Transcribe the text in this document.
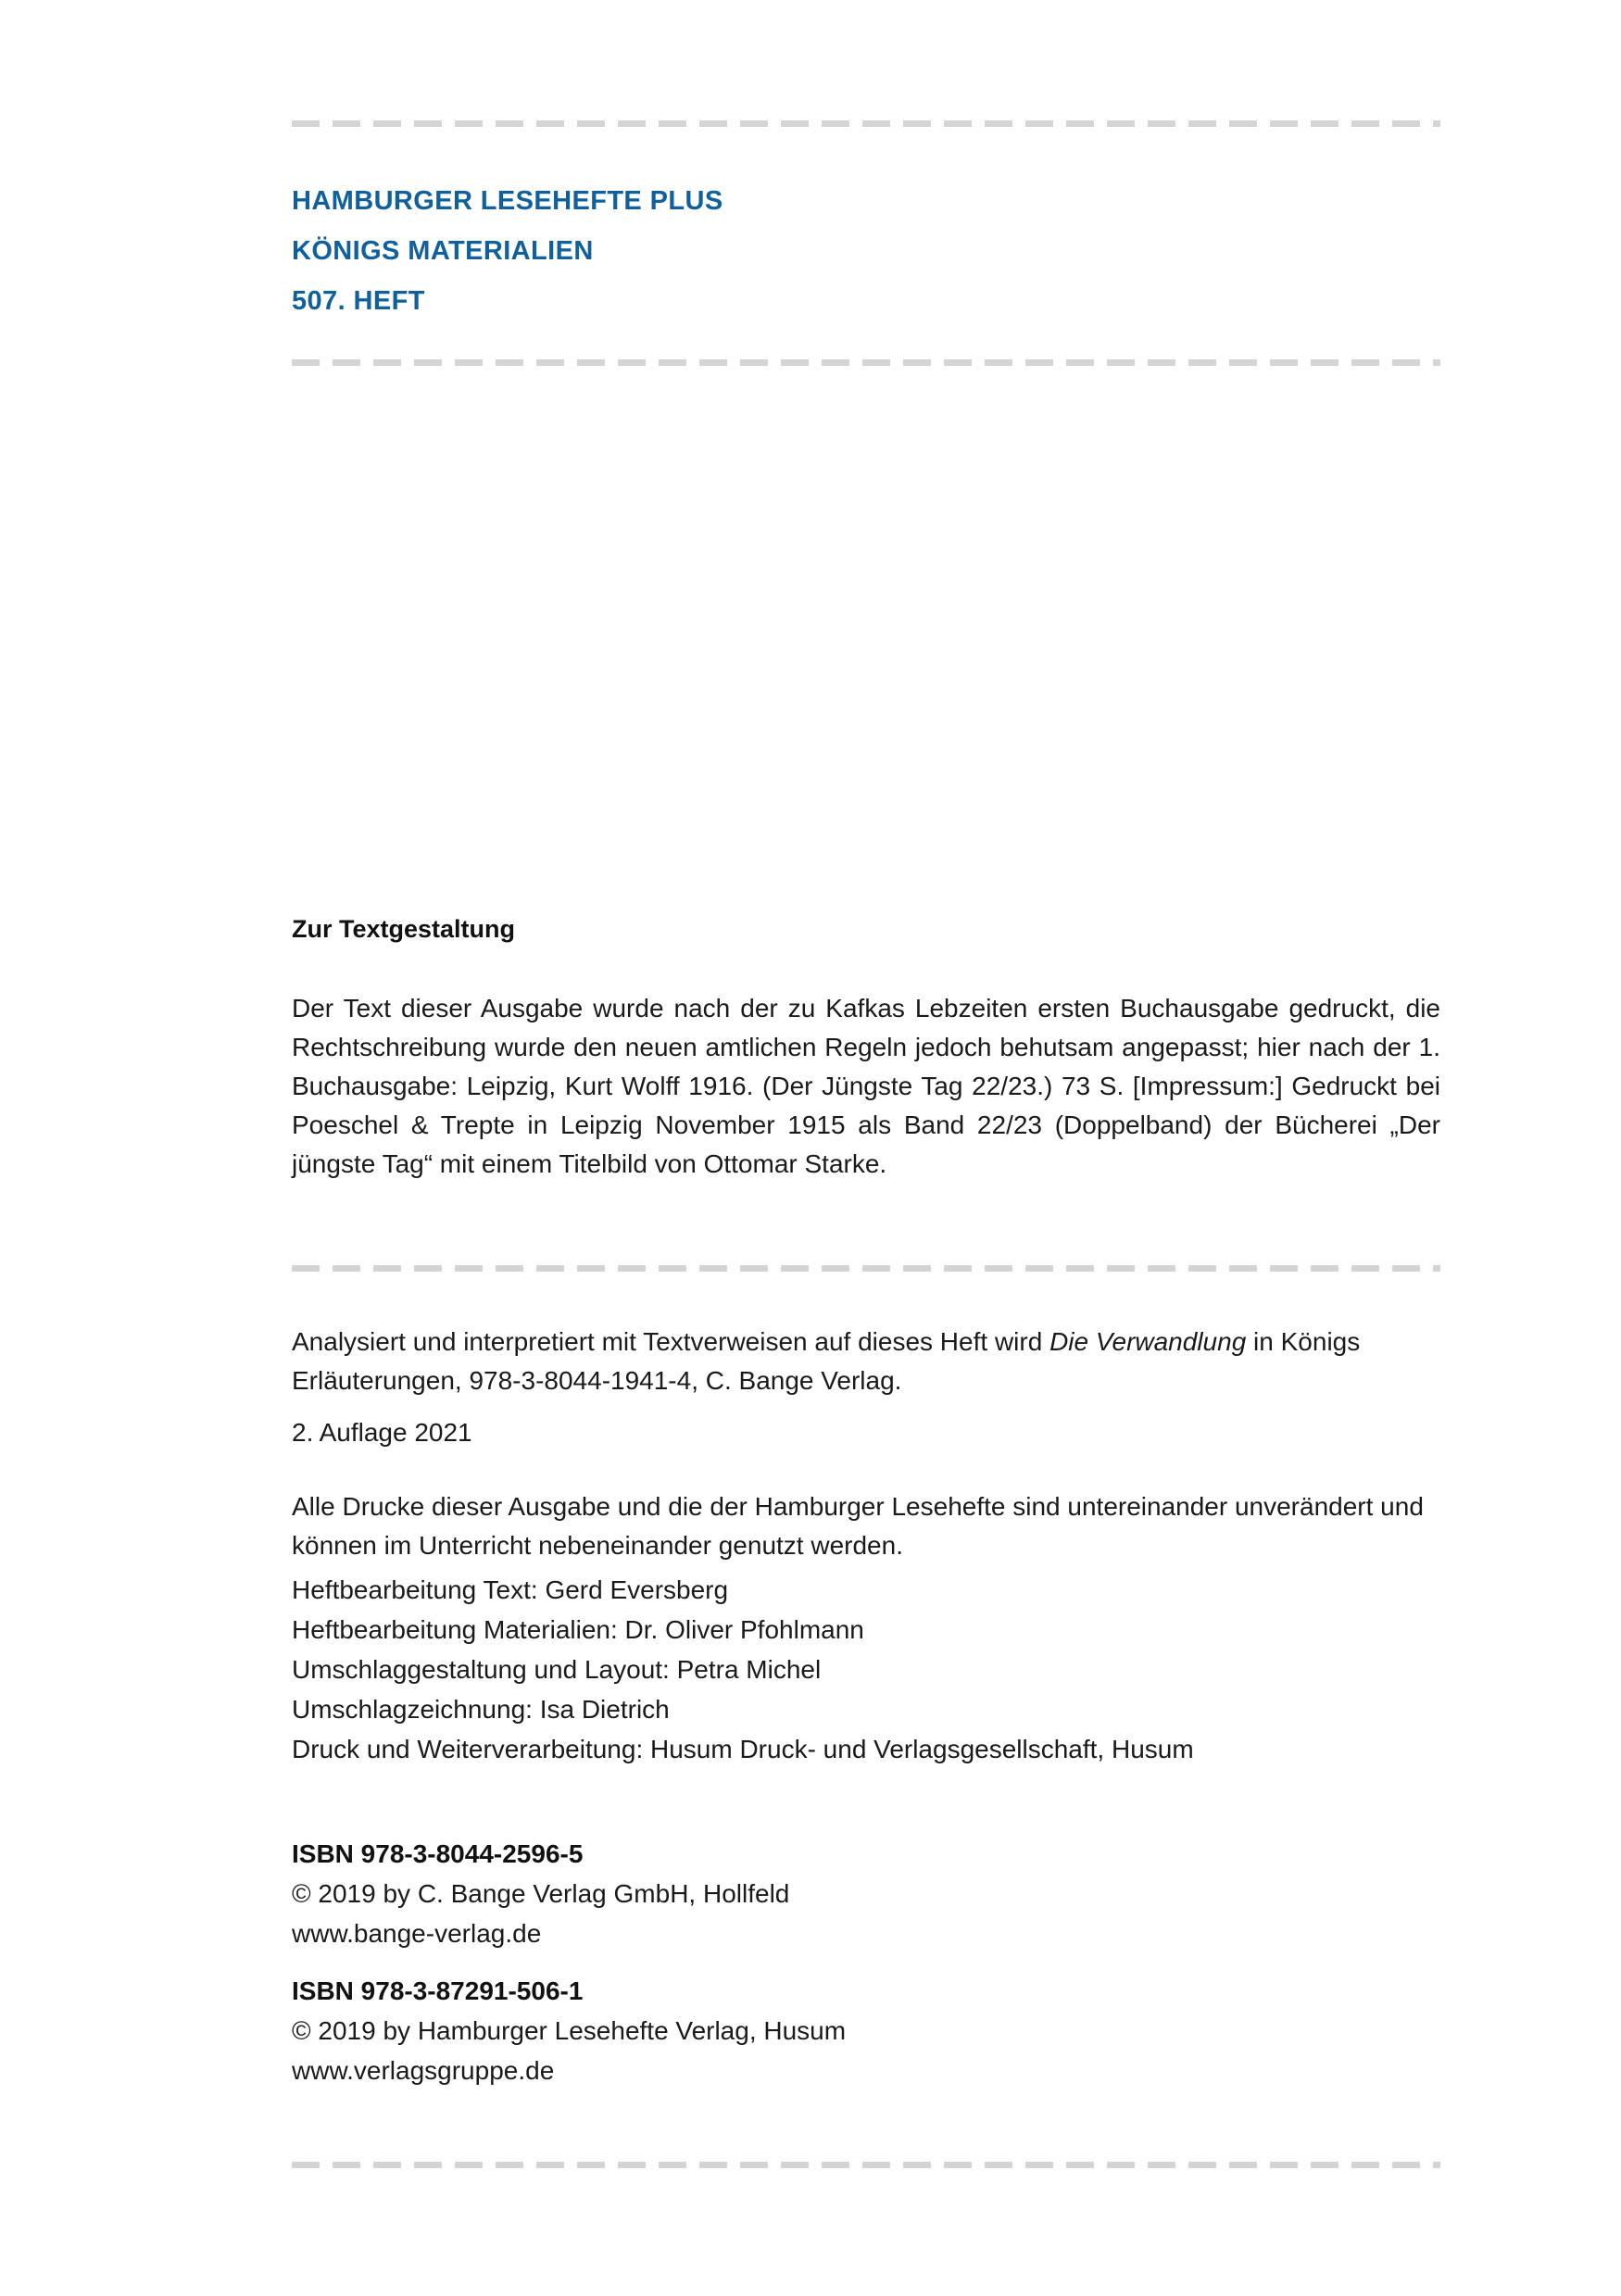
HAMBURGER LESEHEFTE PLUS
KÖNIGS MATERIALIEN
507. HEFT
Zur Textgestaltung

Der Text dieser Ausgabe wurde nach der zu Kafkas Lebzeiten ersten Buchausgabe gedruckt, die Rechtschreibung wurde den neuen amtlichen Regeln jedoch behutsam angepasst; hier nach der 1. Buchausgabe: Leipzig, Kurt Wolff 1916. (Der Jüngste Tag 22/23.) 73 S. [Impressum:] Gedruckt bei Poeschel & Trepte in Leipzig November 1915 als Band 22/23 (Doppelband) der Bücherei „Der jüngste Tag“ mit einem Titelbild von Ottomar Starke.

Analysiert und interpretiert mit Textverweisen auf dieses Heft wird Die Verwandlung in Königs Erläuterungen, 978-3-8044-1941-4, C. Bange Verlag.

2. Auflage 2021

Alle Drucke dieser Ausgabe und die der Hamburger Lesehefte sind untereinander unverändert und können im Unterricht nebeneinander genutzt werden.

Heftbearbeitung Text: Gerd Eversberg
Heftbearbeitung Materialien: Dr. Oliver Pfohlmann
Umschlaggestaltung und Layout: Petra Michel
Umschlagzeichnung: Isa Dietrich
Druck und Weiterverarbeitung: Husum Druck- und Verlagsgesellschaft, Husum
ISBN 978-3-8044-2596-5
© 2019 by C. Bange Verlag GmbH, Hollfeld
www.bange-verlag.de
ISBN 978-3-87291-506-1
© 2019 by Hamburger Lesehefte Verlag, Husum
www.verlagsgruppe.de
